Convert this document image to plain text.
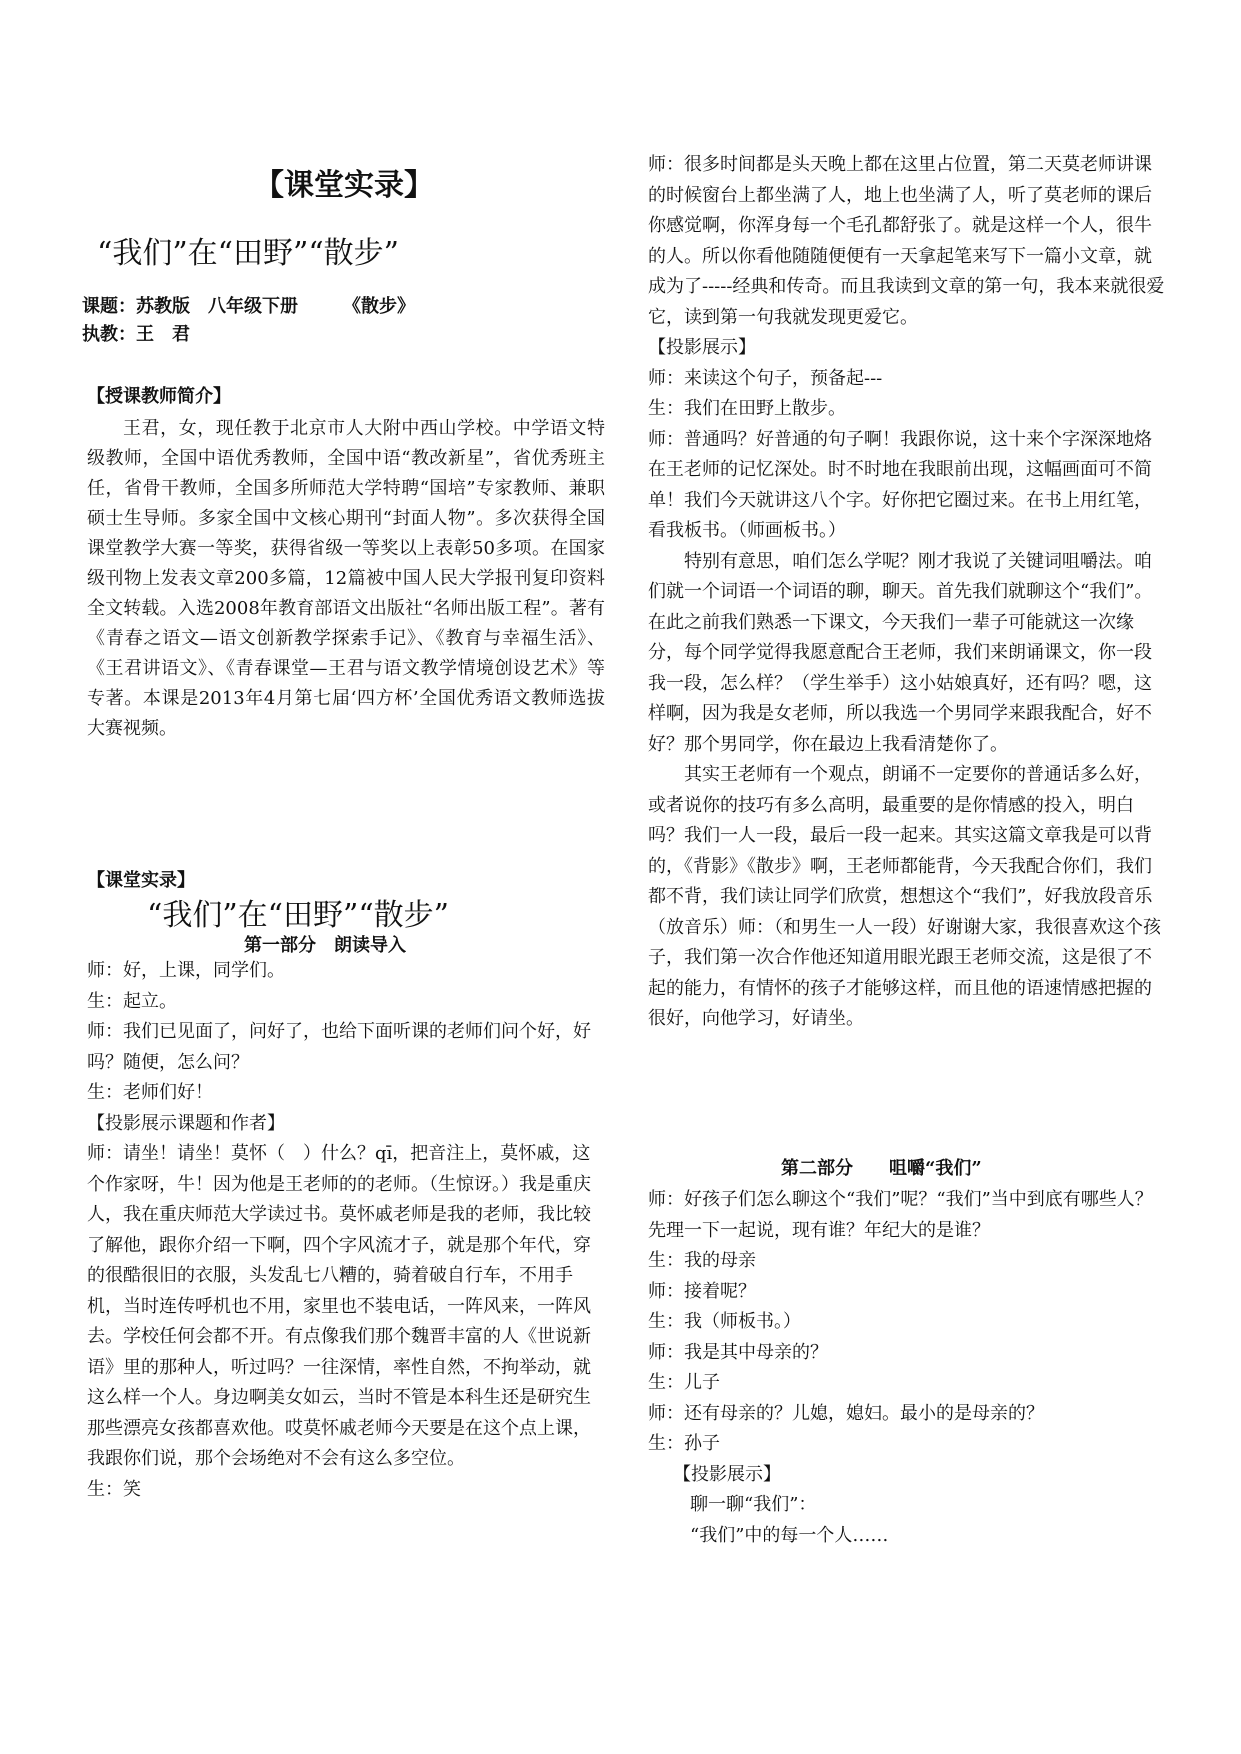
【课堂实录】
“我们”在“田野”“散步”
课题：苏教版　八年级下册　　　《散步》
执教：王　君
【授课教师简介】

王君，女，现任教于北京市人大附中西山学校。中学语文特级教师，全国中语优秀教师，全国中语“教改新星”，省优秀班主任，省骨干教师，全国多所师范大学特聘“国培”专家教师、兼职硕士生导师。多家全国中文核心期刊“封面人物”。多次获得全国课堂教学大赛一等奖，获得省级一等奖以上表彰50多项。在国家级刊物上发表文章200多篇，12篇被中国人民大学报刊复印资料全文转载。入选2008年教育部语文出版社“名师出版工程”。著有《青春之语文—语文创新教学探索手记》、《教育与幸福生活》、《王君讲语文》、《青春课堂—王君与语文教学情境创设艺术》等专著。本课是2013年4月第七届‘四方杯’全国优秀语文教师选拔大赛视频。

【课堂实录】
“我们”在“田野”“散步”
第一部分　朗读导入
师：好，上课，同学们。
生：起立。
师：我们已见面了，问好了，也给下面听课的老师们问个好，好吗？随便，怎么问？
生：老师们好！
【投影展示课题和作者】
师：请坐！请坐！莫怀（　）什么？qī，把音注上，莫怀戚，这个作家呀，牛！因为他是王老师的的老师。（生惊讶。）我是重庆人，我在重庆师范大学读过书。莫怀戚老师是我的老师，我比较了解他，跟你介绍一下啊，四个字风流才子，就是那个年代，穿的很酷很旧的衣服，头发乱七八糟的，骑着破自行车，不用手机，当时连传呼机也不用，家里也不装电话，一阵风来，一阵风去。学校任何会都不开。有点像我们那个魏晋丰富的人《世说新语》里的那种人，听过吗？一往深情，率性自然，不拘举动，就这么样一个人。身边啊美女如云，当时不管是本科生还是研究生那些漂亮女孩都喜欢他。哎莫怀戚老师今天要是在这个点上课，我跟你们说，那个会场绝对不会有这么多空位。
生：笑
师：很多时间都是头天晚上都在这里占位置，第二天莫老师讲课的时候窗台上都坐满了人，地上也坐满了人，听了莫老师的课后你感觉啊，你浑身每一个毛孔都舒张了。就是这样一个人，很牛的人。所以你看他随随便便有一天拿起笔来写下一篇小文章，就成为了-----经典和传奇。而且我读到文章的第一句，我本来就很爱它，读到第一句我就发现更爱它。
【投影展示】
师：来读这个句子，预备起---
生：我们在田野上散步。
师：普通吗？好普通的句子啊！我跟你说，这十来个字深深地烙在王老师的记忆深处。时不时地在我眼前出现，这幅画面可不简单！我们今天就讲这八个字。好你把它圈过来。在书上用红笔，看我板书。（师画板书。）
特别有意思，咱们怎么学呢？刚才我说了关键词咀嚼法。咱们就一个词语一个词语的聊，聊天。首先我们就聊这个“我们”。在此之前我们熟悉一下课文，今天我们一辈子可能就这一次缘分，每个同学觉得我愿意配合王老师，我们来朗诵课文，你一段我一段，怎么样？（学生举手）这小姑娘真好，还有吗？嗯，这样啊，因为我是女老师，所以我选一个男同学来跟我配合，好不好？那个男同学，你在最边上我看清楚你了。
其实王老师有一个观点，朗诵不一定要你的普通话多么好，或者说你的技巧有多么高明，最重要的是你情感的投入，明白吗？我们一人一段，最后一段一起来。其实这篇文章我是可以背的，《背影》《散步》啊，王老师都能背，今天我配合你们，我们都不背，我们读让同学们欣赏，想想这个“我们”，好我放段音乐（放音乐）师：（和男生一人一段）好谢谢大家，我很喜欢这个孩子，我们第一次合作他还知道用眼光跟王老师交流，这是很了不起的能力，有情怀的孩子才能够这样，而且他的语速情感把握的很好，向他学习，好请坐。
第二部分　　咀嚼“我们”
师：好孩子们怎么聊这个“我们”呢？“我们”当中到底有哪些人？先理一下一起说，现有谁？年纪大的是谁？
生：我的母亲
师：接着呢？
生：我（师板书。）
师：我是其中母亲的？
生：儿子
师：还有母亲的？儿媳，媳妇。最小的是母亲的？
生：孙子
【投影展示】
聊一聊“我们”：
“我们”中的每一个人……
